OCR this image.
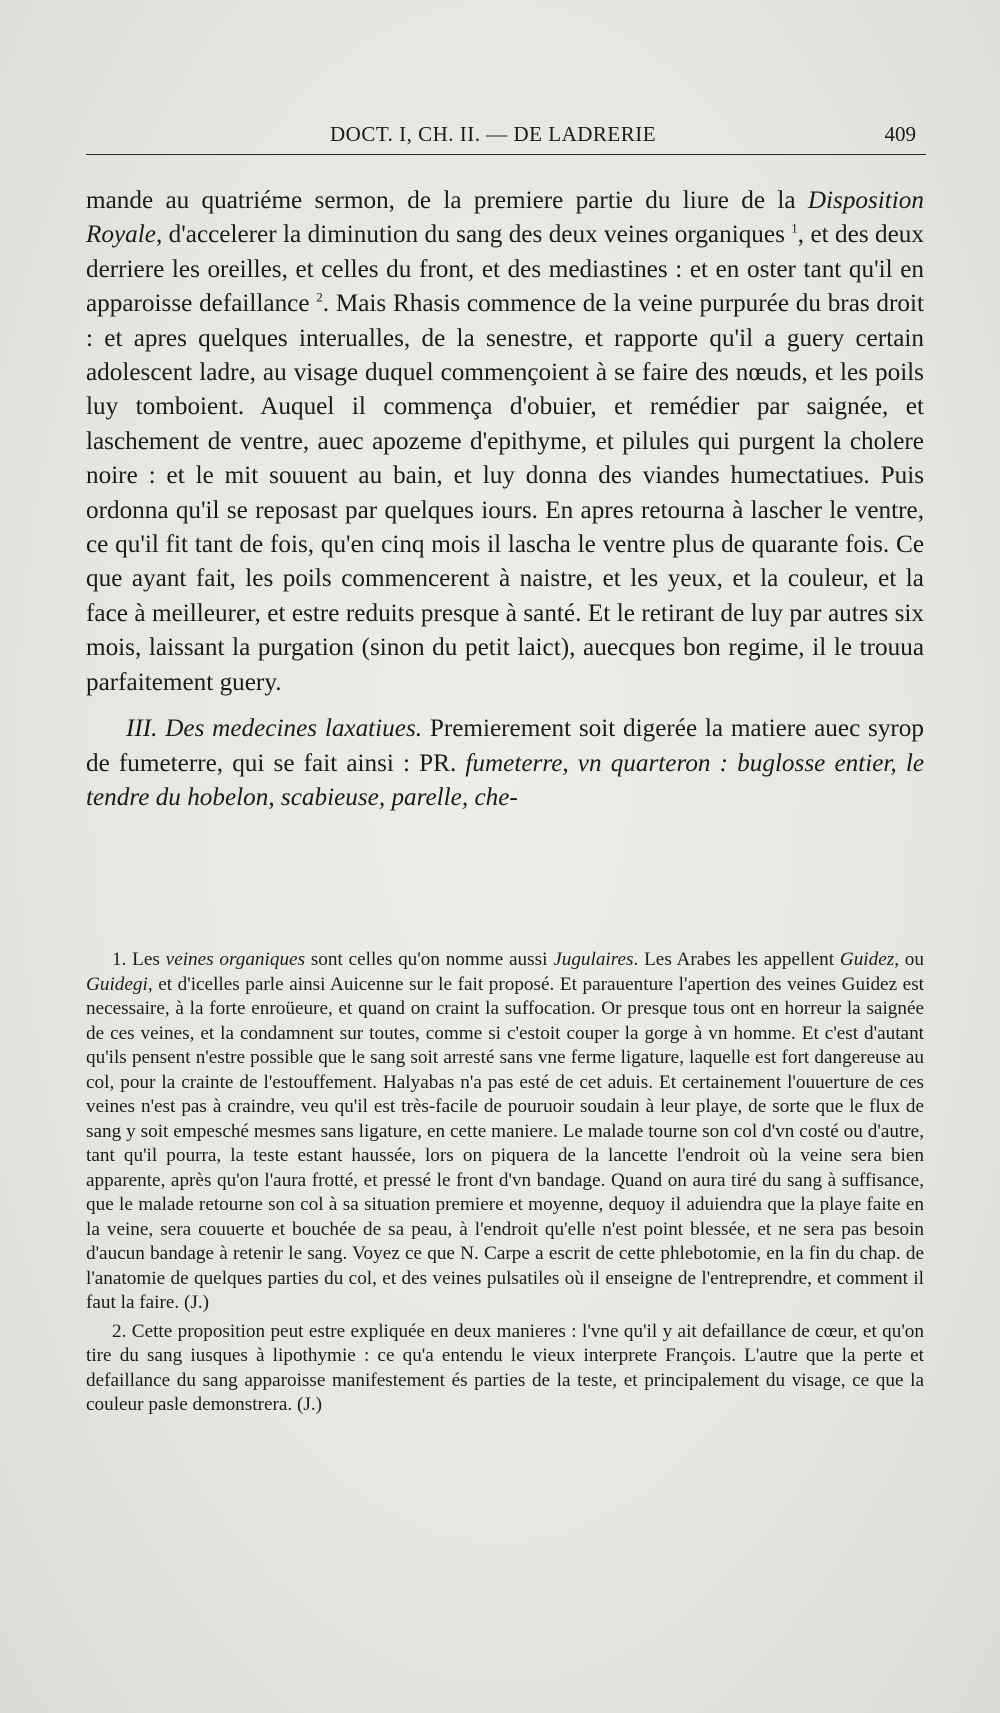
DOCT. I, CH. II. — DE LADRERIE	409

mande au quatriéme sermon, de la premiere partie du liure de la Disposition Royale, d'accelerer la diminution du sang des deux veines organiques $^1$, et des deux derriere les oreilles, et celles du front, et des mediastines : et en oster tant qu'il en apparoisse defaillance $^2$. Mais Rhasis commence de la veine purpurée du bras droit : et apres quelques interualles, de la senestre, et rapporte qu'il a guery certain adolescent ladre, au visage duquel commençoient à se faire des nœuds, et les poils luy tomboient. Auquel il commença d'obuier, et remédier par saignée, et laschement de ventre, auec apozeme d'epithyme, et pilules qui purgent la cholere noire : et le mit souuent au bain, et luy donna des viandes humectatiues. Puis ordonna qu'il se reposast par quelques iours. En apres retourna à lascher le ventre, ce qu'il fit tant de fois, qu'en cinq mois il lascha le ventre plus de quarante fois. Ce que ayant fait, les poils commencerent à naistre, et les yeux, et la couleur, et la face à meilleurer, et estre reduits presque à santé. Et le retirant de luy par autres six mois, laissant la purgation (sinon du petit laict), auecques bon regime, il le trouua parfaitement guery.

III. Des medecines laxatiues. Premierement soit digerée la matiere auec syrop de fumeterre, qui se fait ainsi : PR. fumeterre, vn quarteron : buglosse entier, le tendre du hobelon, scabieuse, parelle, che-

1. Les veines organiques sont celles qu'on nomme aussi Jugulaires. Les Arabes les appellent Guidez, ou Guidegi, et d'icelles parle ainsi Auicenne sur le fait proposé. Et parauenture l'apertion des veines Guidez est necessaire, à la forte enroüeure, et quand on craint la suffocation. Or presque tous ont en horreur la saignée de ces veines, et la condamnent sur toutes, comme si c'estoit couper la gorge à vn homme. Et c'est d'autant qu'ils pensent n'estre possible que le sang soit arresté sans vne ferme ligature, laquelle est fort dangereuse au col, pour la crainte de l'estouffement. Halyabas n'a pas esté de cet aduis. Et certainement l'ouuerture de ces veines n'est pas à craindre, veu qu'il est très-facile de pouruoir soudain à leur playe, de sorte que le flux de sang y soit empesché mesmes sans ligature, en cette maniere. Le malade tourne son col d'vn costé ou d'autre, tant qu'il pourra, la teste estant haussée, lors on piquera de la lancette l'endroit où la veine sera bien apparente, après qu'on l'aura frotté, et pressé le front d'vn bandage. Quand on aura tiré du sang à suffisance, que le malade retourne son col à sa situation premiere et moyenne, dequoy il aduiendra que la playe faite en la veine, sera couuerte et bouchée de sa peau, à l'endroit qu'elle n'est point blessée, et ne sera pas besoin d'aucun bandage à retenir le sang. Voyez ce que N. Carpe a escrit de cette phlebotomie, en la fin du chap. de l'anatomie de quelques parties du col, et des veines pulsatiles où il enseigne de l'entreprendre, et comment il faut la faire. (J.)

2. Cette proposition peut estre expliquée en deux manieres : l'vne qu'il y ait defaillance de cœur, et qu'on tire du sang iusques à lipothymie : ce qu'a entendu le vieux interprete François. L'autre que la perte et defaillance du sang apparoisse manifestement és parties de la teste, et principalement du visage, ce que la couleur pasle demonstrera. (J.)
